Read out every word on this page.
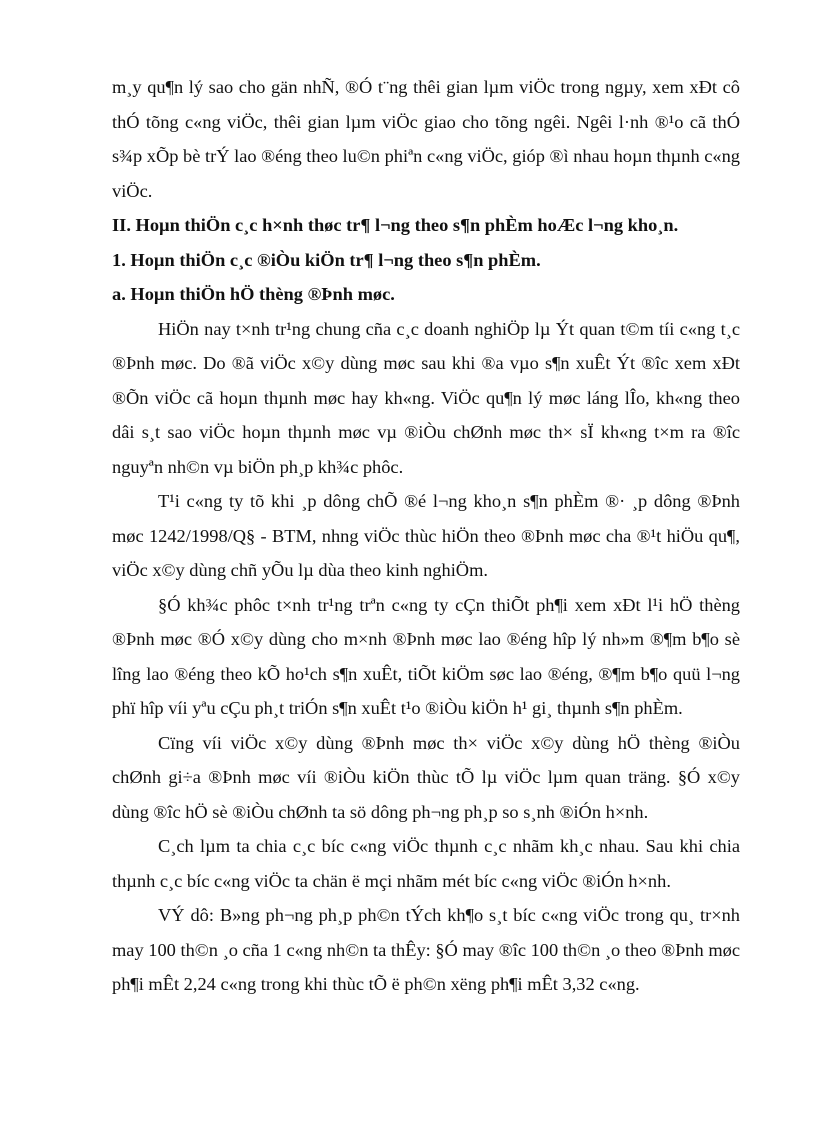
m¸y qu¶n lý sao cho gän nhÑ, ®Ó t¨ng thêi gian lµm viÖc trong ngµy, xem xÐt cô thÓ tõng c«ng viÖc, thêi gian lµm viÖc giao cho tõng ngêi. Ngêi l·nh ®¹o cã thÓ s¾p xÕp bè trÝ lao ®éng theo lu©n phiªn c«ng viÖc, gióp ®ì nhau hoµn thµnh c«ng viÖc.

II. Hoµn thiÖn c¸c h×nh thøc tr¶ l¬ng theo s¶n phÈm hoÆc l¬ng kho¸n.

1. Hoµn thiÖn c¸c ®iÒu kiÖn tr¶ l¬ng theo s¶n phÈm.

a. Hoµn thiÖn hÖ thèng ®Þnh møc.

HiÖn nay t×nh tr¹ng chung cña c¸c doanh nghiÖp lµ Ýt quan t©m tíi c«ng t¸c ®Þnh møc. Do ®ã viÖc x©y dùng møc sau khi ®a vµo s¶n xuÊt Ýt ®îc xem xÐt ®Õn viÖc cã hoµn thµnh møc hay kh«ng. ViÖc qu¶n lý møc láng lÎo, kh«ng theo dâi s¸t sao viÖc hoµn thµnh møc vµ ®iÒu chØnh møc th× sÏ kh«ng t×m ra ®îc nguyªn nh©n vµ biÖn ph¸p kh¾c phôc.

T¹i c«ng ty tõ khi ¸p dông chÕ ®é l¬ng kho¸n s¶n phÈm ®· ¸p dông ®Þnh møc 1242/1998/Q§ - BTM, nhng viÖc thùc hiÖn theo ®Þnh møc cha ®¹t hiÖu qu¶, viÖc x©y dùng chñ yÕu lµ dùa theo kinh nghiÖm.

§Ó kh¾c phôc t×nh tr¹ng trªn c«ng ty cÇn thiÕt ph¶i xem xÐt l¹i hÖ thèng ®Þnh møc ®Ó x©y dùng cho m×nh ®Þnh møc lao ®éng hîp lý nh»m ®¶m b¶o sè lîng lao ®éng theo kÕ ho¹ch s¶n xuÊt, tiÕt kiÖm søc lao ®éng, ®¶m b¶o quü l¬ng phï hîp víi yªu cÇu ph¸t triÓn s¶n xuÊt t¹o ®iÒu kiÖn h¹ gi¸ thµnh s¶n phÈm.

Cïng víi viÖc x©y dùng ®Þnh møc th× viÖc x©y dùng hÖ thèng ®iÒu chØnh gi÷a ®Þnh møc víi ®iÒu kiÖn thùc tÕ lµ viÖc lµm quan träng. §Ó x©y dùng ®îc hÖ sè ®iÒu chØnh ta sö dông ph¬ng ph¸p so s¸nh ®iÓn h×nh.

C¸ch lµm ta chia c¸c bíc c«ng viÖc thµnh c¸c nhãm kh¸c nhau. Sau khi chia thµnh c¸c bíc c«ng viÖc ta chän ë mçi nhãm mét bíc c«ng viÖc ®iÓn h×nh.

VÝ dô: B»ng ph¬ng ph¸p ph©n tÝch kh¶o s¸t bíc c«ng viÖc trong qu¸ tr×nh may 100 th©n ¸o cña 1 c«ng nh©n ta thÊy: §Ó may ®îc 100 th©n ¸o theo ®Þnh møc ph¶i mÊt 2,24 c«ng trong khi thùc tÕ ë ph©n xëng ph¶i mÊt 3,32 c«ng.
